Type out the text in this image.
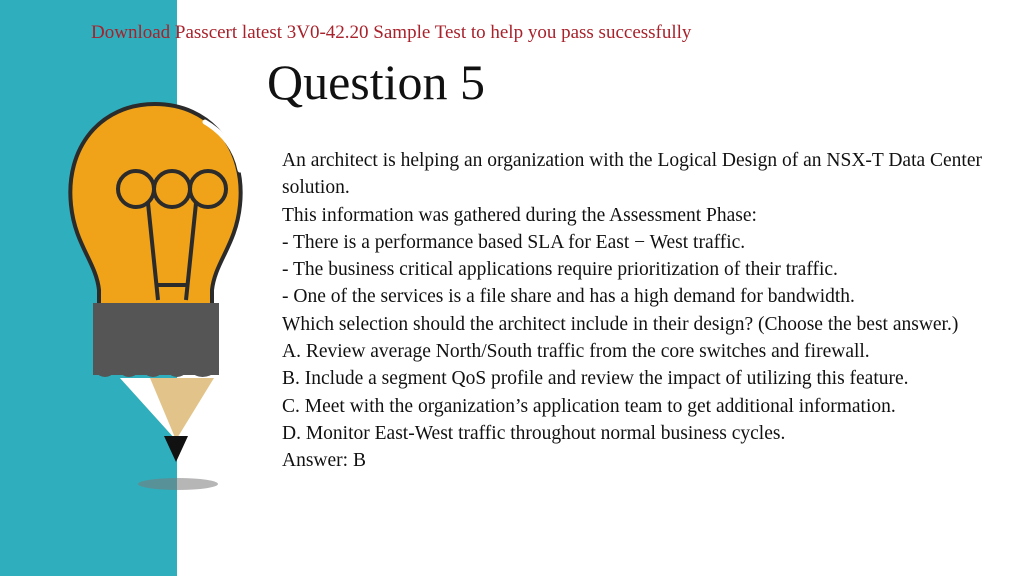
Download Passcert latest 3V0-42.20 Sample Test to help you pass successfully
Question 5
An architect is helping an organization with the Logical Design of an NSX-T Data Center solution.
This information was gathered during the Assessment Phase:
- There is a performance based SLA for East − West traffic.
- The business critical applications require prioritization of their traffic.
- One of the services is a file share and has a high demand for bandwidth.
Which selection should the architect include in their design? (Choose the best answer.)
A. Review average North/South traffic from the core switches and firewall.
B. Include a segment QoS profile and review the impact of utilizing this feature.
C. Meet with the organization’s application team to get additional information.
D. Monitor East-West traffic throughout normal business cycles.
Answer: B
